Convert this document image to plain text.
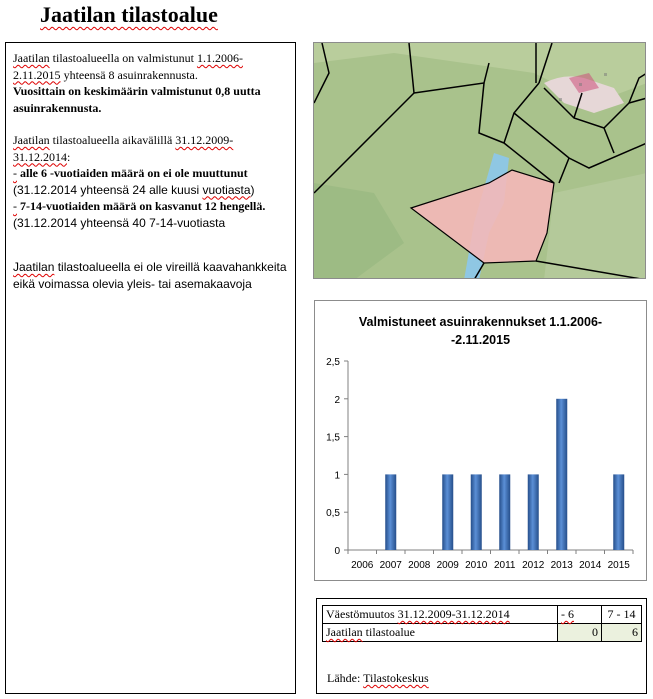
Jaatilan tilastoalue

Jaatilan tilastoalueella on valmistunut 1.1.2006-2.11.2015 yhteensä 8 asuinrakennusta.
Vuosittain on keskimäärin valmistunut 0,8 uutta asuinrakennusta.

Jaatilan tilastoalueella aikavälillä 31.12.2009-31.12.2014:
- alle 6 -vuotiaiden määrä on ei ole muuttunut (31.12.2014 yhteensä 24 alle kuusi vuotiasta)
- 7-14-vuotiaiden määrä on kasvanut 12 hengellä. (31.12.2014 yhteensä 40 7-14-vuotiasta

Jaatilan tilastoalueella ei ole vireillä kaavahankkeita eikä voimassa olevia yleis- tai asemakaavoja

Valmistuneet asuinrakennukset 1.1.2006--2.11.2015
0
0,5
1
1,5
2
2,5
2006 2007 2008 2009 2010 2011 2012 2013 2014 2015
Väestömuutos 31.12.2009-31.12.2014	- 6	7 - 14
Jaatilan tilastoalue	0	6
Lähde: Tilastokeskus
